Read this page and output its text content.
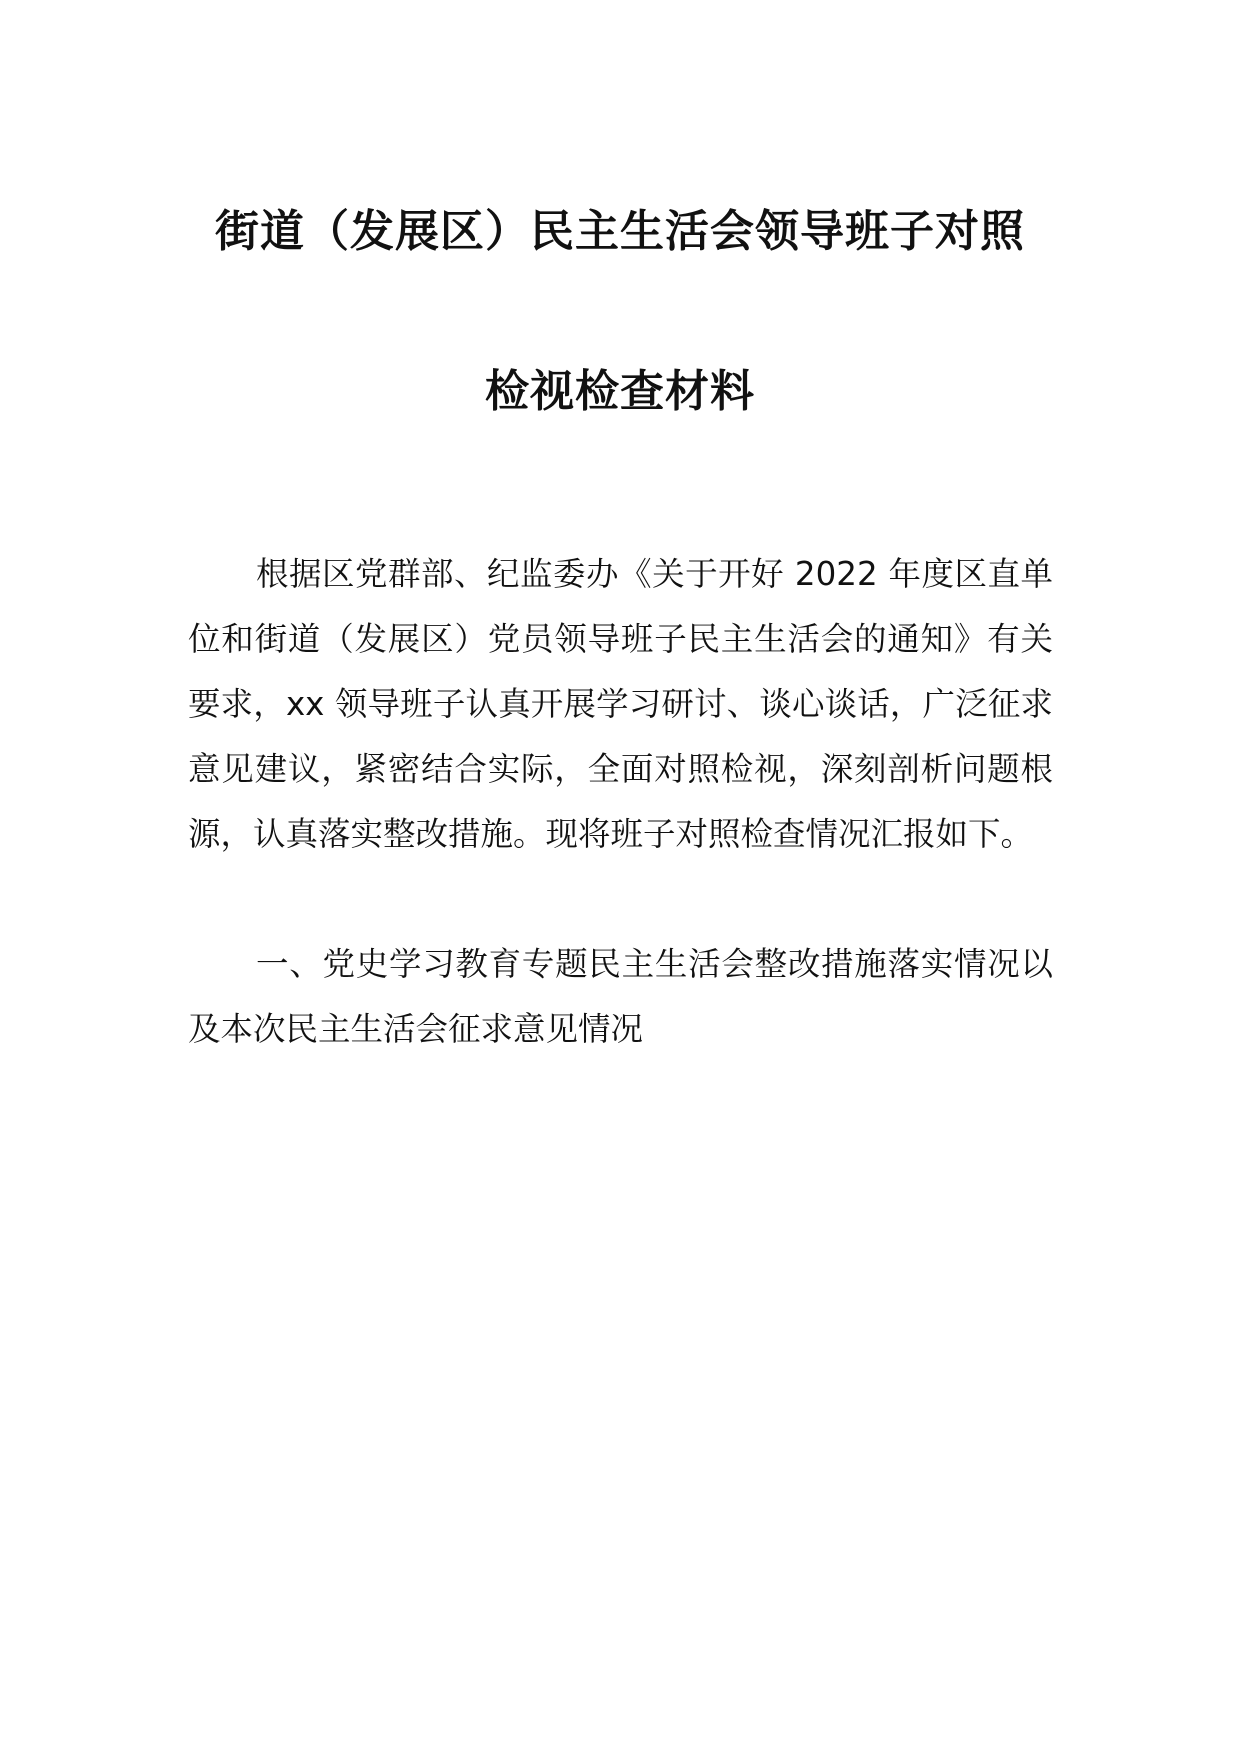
街道（发展区）民主生活会领导班子对照
检视检查材料

根据区党群部、纪监委办《关于开好 2022 年度区直单位和街道（发展区）党员领导班子民主生活会的通知》有关要求，xx 领导班子认真开展学习研讨、谈心谈话，广泛征求意见建议，紧密结合实际，全面对照检视，深刻剖析问题根源，认真落实整改措施。现将班子对照检查情况汇报如下。

一、党史学习教育专题民主生活会整改措施落实情况以及本次民主生活会征求意见情况
